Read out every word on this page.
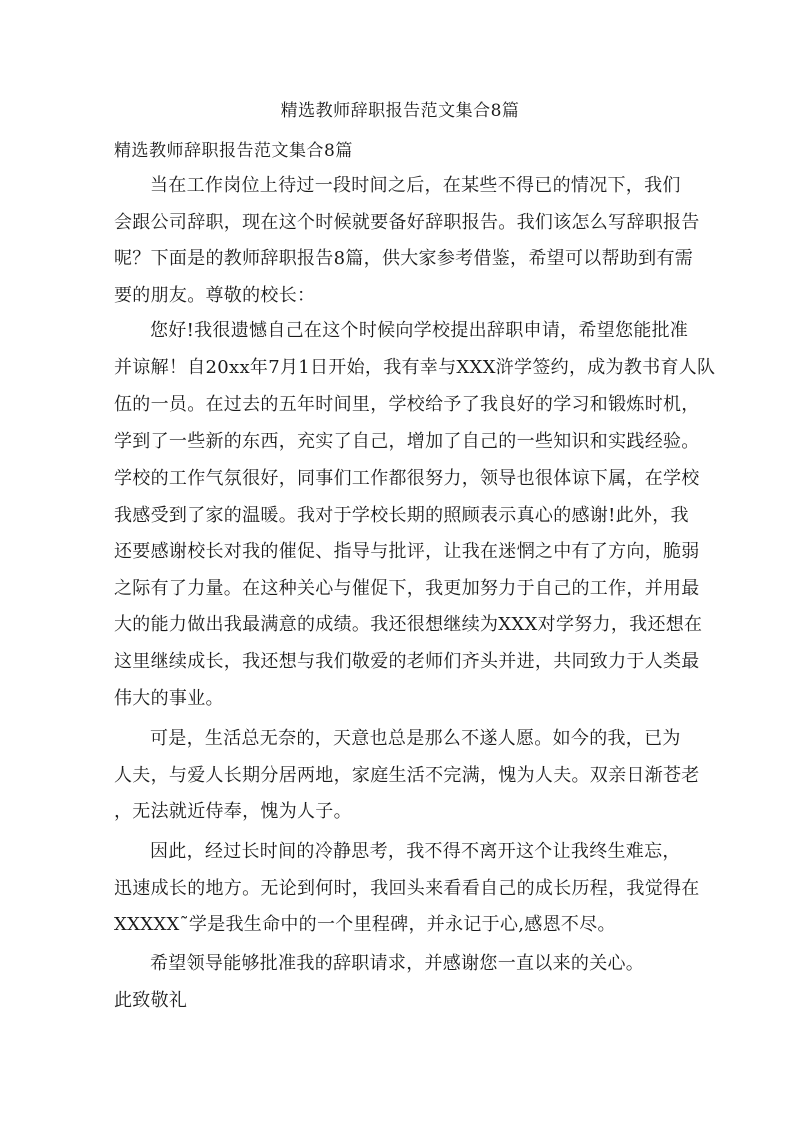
精选教师辞职报告范文集合8篇
精选教师辞职报告范文集合8篇
当在工作岗位上待过一段时间之后，在某些不得已的情况下，我们
会跟公司辞职，现在这个时候就要备好辞职报告。我们该怎么写辞职报告
呢？下面是的教师辞职报告8篇，供大家参考借鉴，希望可以帮助到有需
要的朋友。尊敬的校长：
您好!我很遗憾自己在这个时候向学校提出辞职申请，希望您能批准
并谅解！自20xx年7月1日开始，我有幸与XXX浒学签约，成为教书育人队
伍的一员。在过去的五年时间里，学校给予了我良好的学习和锻炼时机，
学到了一些新的东西，充实了自己，增加了自己的一些知识和实践经验。
学校的工作气氛很好，同事们工作都很努力，领导也很体谅下属，在学校
我感受到了家的温暖。我对于学校长期的照顾表示真心的感谢!此外，我
还要感谢校长对我的催促、指导与批评，让我在迷惘之中有了方向，脆弱
之际有了力量。在这种关心与催促下，我更加努力于自己的工作，并用最
大的能力做出我最满意的成绩。我还很想继续为XXX对学努力，我还想在
这里继续成长，我还想与我们敬爱的老师们齐头并进，共同致力于人类最
伟大的事业。
可是，生活总无奈的，天意也总是那么不遂人愿。如今的我，已为
人夫，与爱人长期分居两地，家庭生活不完满，愧为人夫。双亲日渐苍老
，无法就近侍奉，愧为人子。
因此，经过长时间的冷静思考，我不得不离开这个让我终生难忘，
迅速成长的地方。无论到何时，我回头来看看自己的成长历程，我觉得在
XXXXX˜学是我生命中的一个里程碑，并永记于心,感恩不尽。
希望领导能够批准我的辞职请求，并感谢您一直以来的关心。
此致敬礼
